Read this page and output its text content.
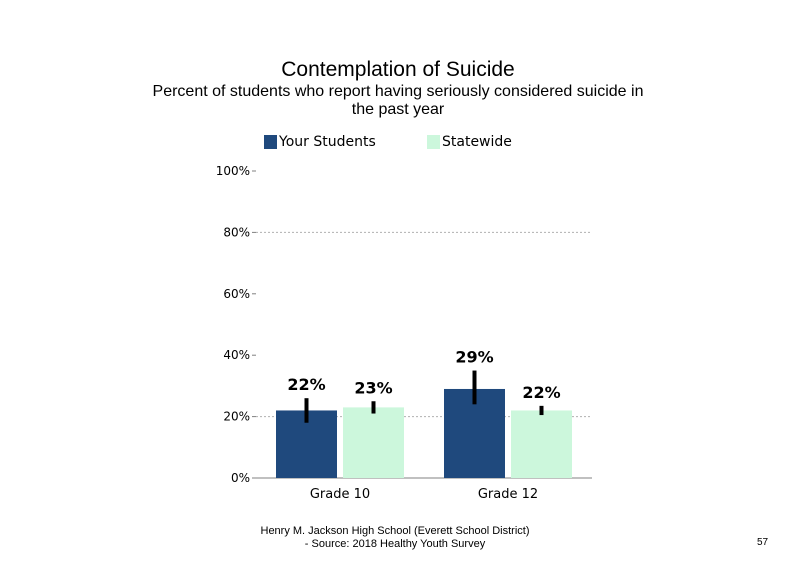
Contemplation of Suicide
Percent of students who report having seriously considered suicide in the past year
Your Students	Statewide
0%
20%
40%
60%
80%
100%
22% 23%
Grade 10
29%
22%
Grade 12
Henry M. Jackson High School (Everett School District)
- Source: 2018 Healthy Youth Survey	57
